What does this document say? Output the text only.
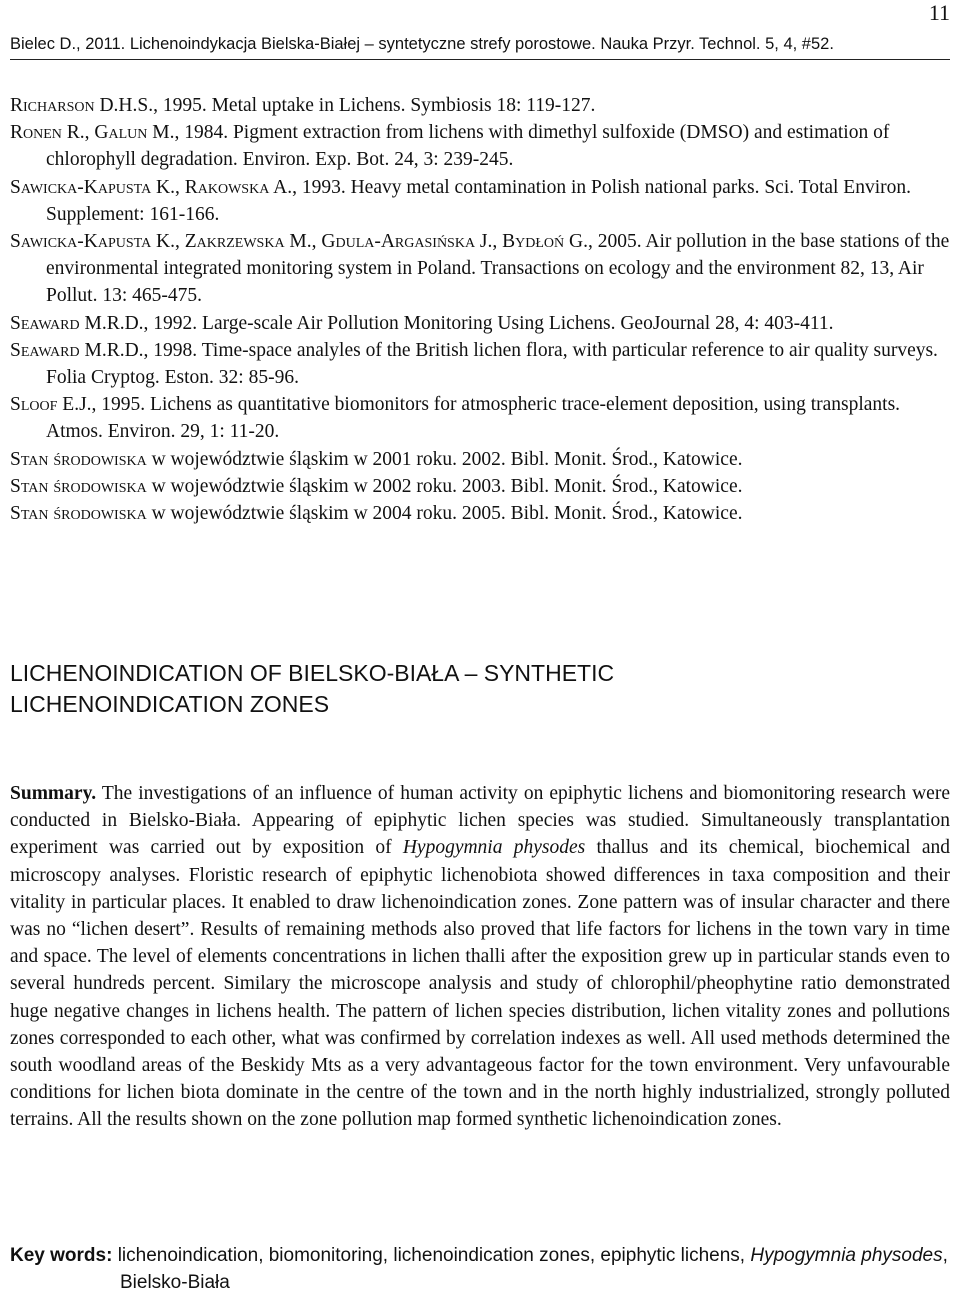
11
Bielec D., 2011. Lichenoindykacja Bielska-Białej – syntetyczne strefy porostowe. Nauka Przyr. Technol. 5, 4, #52.
Richarson D.H.S., 1995. Metal uptake in Lichens. Symbiosis 18: 119-127.
Ronen R., Galun M., 1984. Pigment extraction from lichens with dimethyl sulfoxide (DMSO) and estimation of chlorophyll degradation. Environ. Exp. Bot. 24, 3: 239-245.
Sawicka-Kapusta K., Rakowska A., 1993. Heavy metal contamination in Polish national parks. Sci. Total Environ. Supplement: 161-166.
Sawicka-Kapusta K., Zakrzewska M., Gdula-Argasińska J., Bydłoń G., 2005. Air pollution in the base stations of the environmental integrated monitoring system in Poland. Transactions on ecology and the environment 82, 13, Air Pollut. 13: 465-475.
Seaward M.R.D., 1992. Large-scale Air Pollution Monitoring Using Lichens. GeoJournal 28, 4: 403-411.
Seaward M.R.D., 1998. Time-space analyles of the British lichen flora, with particular reference to air quality surveys. Folia Cryptog. Eston. 32: 85-96.
Sloof E.J., 1995. Lichens as quantitative biomonitors for atmospheric trace-element deposition, using transplants. Atmos. Environ. 29, 1: 11-20.
Stan środowiska w województwie śląskim w 2001 roku. 2002. Bibl. Monit. Środ., Katowice.
Stan środowiska w województwie śląskim w 2002 roku. 2003. Bibl. Monit. Środ., Katowice.
Stan środowiska w województwie śląskim w 2004 roku. 2005. Bibl. Monit. Środ., Katowice.
LICHENOINDICATION OF BIELSKO-BIAŁA – SYNTHETIC
LICHENOINDICATION ZONES
Summary. The investigations of an influence of human activity on epiphytic lichens and biomonitoring research were conducted in Bielsko-Biała. Appearing of epiphytic lichen species was studied. Simultaneously transplantation experiment was carried out by exposition of Hypogymnia physodes thallus and its chemical, biochemical and microscopy analyses. Floristic research of epiphytic lichenobiota showed differences in taxa composition and their vitality in particular places. It enabled to draw lichenoindication zones. Zone pattern was of insular character and there was no “lichen desert”. Results of remaining methods also proved that life factors for lichens in the town vary in time and space. The level of elements concentrations in lichen thalli after the exposition grew up in particular stands even to several hundreds percent. Similary the microscope analysis and study of chlorophil/pheophytine ratio demonstrated huge negative changes in lichens health. The pattern of lichen species distribution, lichen vitality zones and pollutions zones corresponded to each other, what was confirmed by correlation indexes as well. All used methods determined the south woodland areas of the Beskidy Mts as a very advantageous factor for the town environment. Very unfavourable conditions for lichen biota dominate in the centre of the town and in the north highly industrialized, strongly polluted terrains. All the results shown on the zone pollution map formed synthetic lichenoindication zones.
Key words: lichenoindication, biomonitoring, lichenoindication zones, epiphytic lichens, Hypogymnia physodes, Bielsko-Biała
